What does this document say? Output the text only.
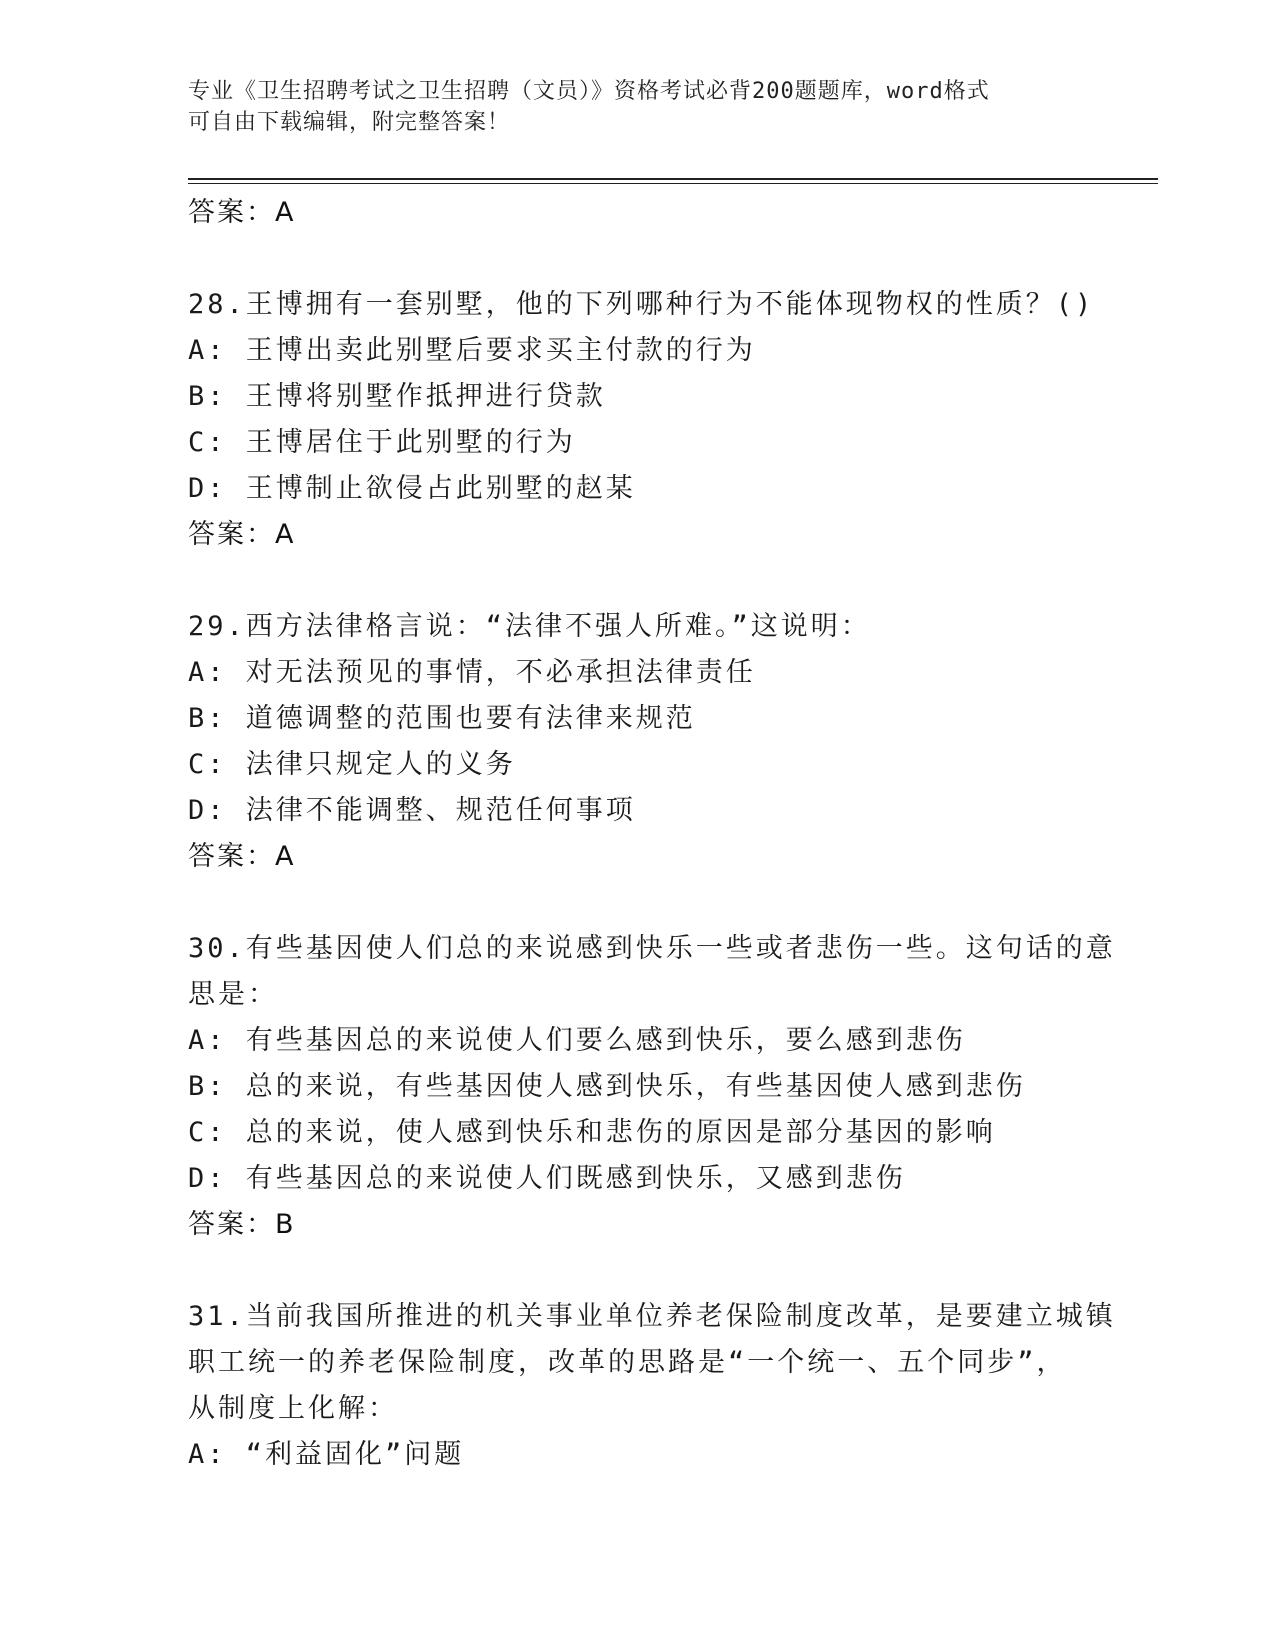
专业《卫生招聘考试之卫生招聘（文员）》资格考试必背200题题库，word格式
可自由下载编辑，附完整答案！
答案：A
28.王博拥有一套别墅，他的下列哪种行为不能体现物权的性质？()
A: 王博出卖此别墅后要求买主付款的行为
B: 王博将别墅作抵押进行贷款
C: 王博居住于此别墅的行为
D: 王博制止欲侵占此别墅的赵某
答案：A
29.西方法律格言说：“法律不强人所难。”这说明：
A: 对无法预见的事情，不必承担法律责任
B: 道德调整的范围也要有法律来规范
C: 法律只规定人的义务
D: 法律不能调整、规范任何事项
答案：A
30.有些基因使人们总的来说感到快乐一些或者悲伤一些。这句话的意
思是：
A: 有些基因总的来说使人们要么感到快乐，要么感到悲伤
B: 总的来说，有些基因使人感到快乐，有些基因使人感到悲伤
C: 总的来说，使人感到快乐和悲伤的原因是部分基因的影响
D: 有些基因总的来说使人们既感到快乐，又感到悲伤
答案：B
31.当前我国所推进的机关事业单位养老保险制度改革，是要建立城镇
职工统一的养老保险制度，改革的思路是“一个统一、五个同步”，
从制度上化解：
A: “利益固化”问题
